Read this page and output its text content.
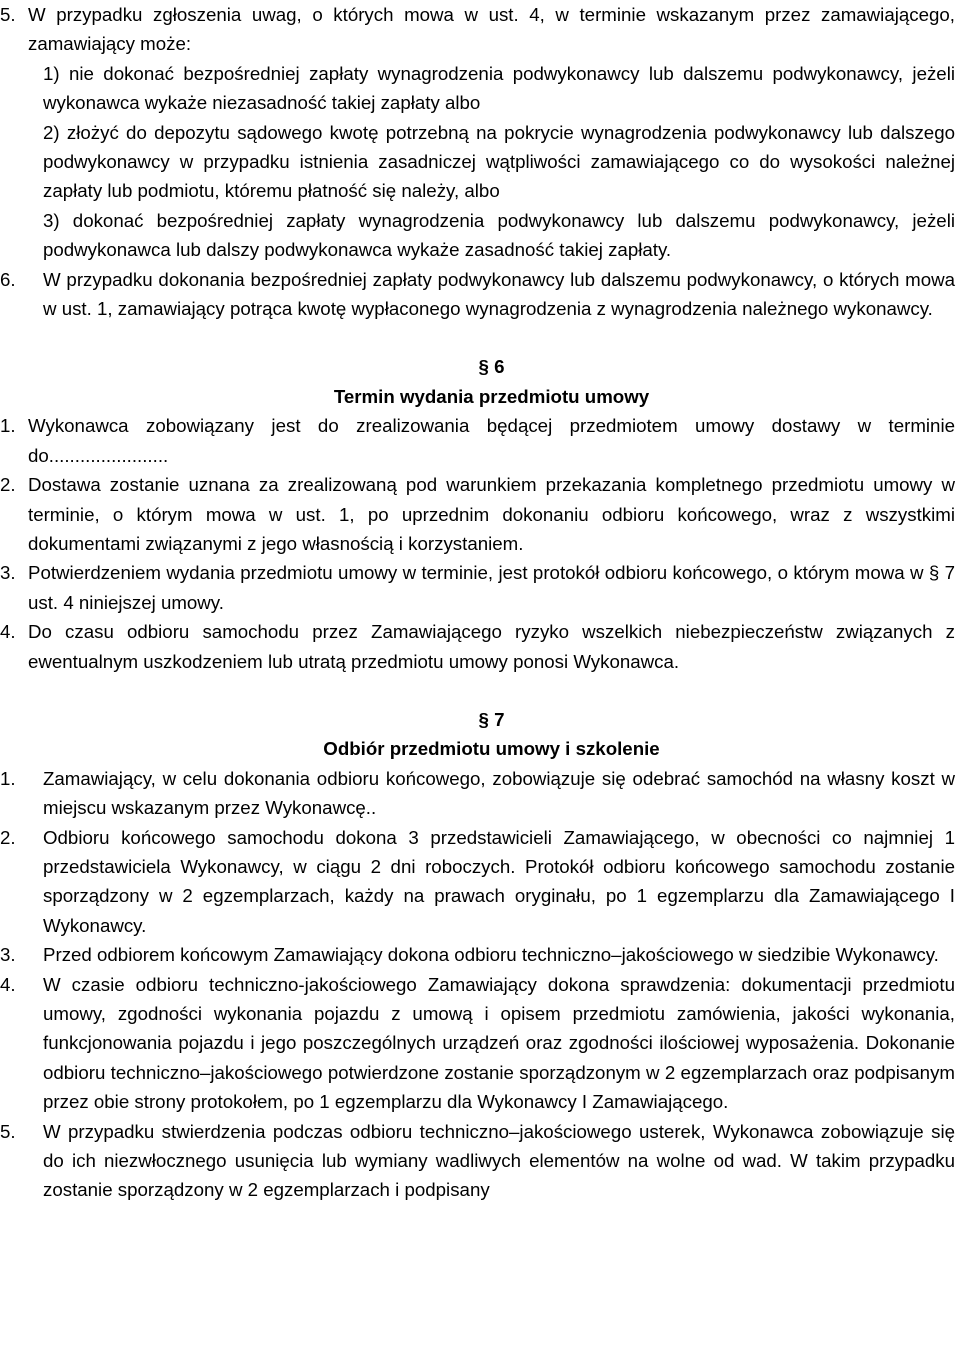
5. W przypadku zgłoszenia uwag, o których mowa w ust. 4, w terminie wskazanym przez zamawiającego, zamawiający może:
1) nie dokonać bezpośredniej zapłaty wynagrodzenia podwykonawcy lub dalszemu podwykonawcy, jeżeli wykonawca wykaże niezasadność takiej zapłaty albo
2) złożyć do depozytu sądowego kwotę potrzebną na pokrycie wynagrodzenia podwykonawcy lub dalszego podwykonawcy w przypadku istnienia zasadniczej wątpliwości zamawiającego co do wysokości należnej zapłaty lub podmiotu, któremu płatność się należy, albo
3) dokonać bezpośredniej zapłaty wynagrodzenia podwykonawcy lub dalszemu podwykonawcy, jeżeli podwykonawca lub dalszy podwykonawca wykaże zasadność takiej zapłaty.
6.	W przypadku dokonania bezpośredniej zapłaty podwykonawcy lub dalszemu podwykonawcy, o których mowa w ust. 1, zamawiający potrąca kwotę wypłaconego wynagrodzenia z wynagrodzenia należnego wykonawcy.
§ 6
Termin wydania przedmiotu umowy
1. Wykonawca zobowiązany jest do zrealizowania będącej przedmiotem umowy dostawy w terminie do.......................
2. Dostawa zostanie uznana za zrealizowaną pod warunkiem przekazania kompletnego przedmiotu umowy w terminie, o którym mowa w ust. 1, po uprzednim dokonaniu odbioru końcowego, wraz z wszystkimi dokumentami związanymi z jego własnością i korzystaniem.
3. Potwierdzeniem wydania przedmiotu umowy w terminie, jest protokół odbioru końcowego, o którym mowa w § 7 ust. 4 niniejszej umowy.
4. Do czasu odbioru samochodu przez Zamawiającego ryzyko wszelkich niebezpieczeństw związanych z ewentualnym uszkodzeniem lub utratą przedmiotu umowy ponosi Wykonawca.
§ 7
Odbiór przedmiotu umowy i szkolenie
1. Zamawiający, w celu dokonania odbioru końcowego, zobowiązuje się odebrać samochód na własny koszt w miejscu wskazanym przez Wykonawcę..
2. Odbioru końcowego samochodu dokona 3 przedstawicieli Zamawiającego, w obecności co najmniej 1 przedstawiciela Wykonawcy, w ciągu 2 dni roboczych. Protokół odbioru końcowego samochodu zostanie sporządzony w 2 egzemplarzach, każdy na prawach oryginału, po 1 egzemplarzu dla Zamawiającego I Wykonawcy.
3. Przed odbiorem końcowym Zamawiający dokona odbioru techniczno–jakościowego w siedzibie Wykonawcy.
4. W czasie odbioru techniczno-jakościowego Zamawiający dokona sprawdzenia: dokumentacji przedmiotu umowy, zgodności wykonania pojazdu z umową i opisem przedmiotu zamówienia, jakości wykonania, funkcjonowania pojazdu i jego poszczególnych urządzeń oraz zgodności ilościowej wyposażenia. Dokonanie odbioru techniczno–jakościowego potwierdzone zostanie sporządzonym w 2 egzemplarzach oraz podpisanym przez obie strony protokołem, po 1 egzemplarzu dla Wykonawcy I Zamawiającego.
5. W przypadku stwierdzenia podczas odbioru techniczno–jakościowego usterek, Wykonawca zobowiązuje się do ich niezwłocznego usunięcia lub wymiany wadliwych elementów na wolne od wad. W takim przypadku zostanie sporządzony w 2 egzemplarzach i podpisany
